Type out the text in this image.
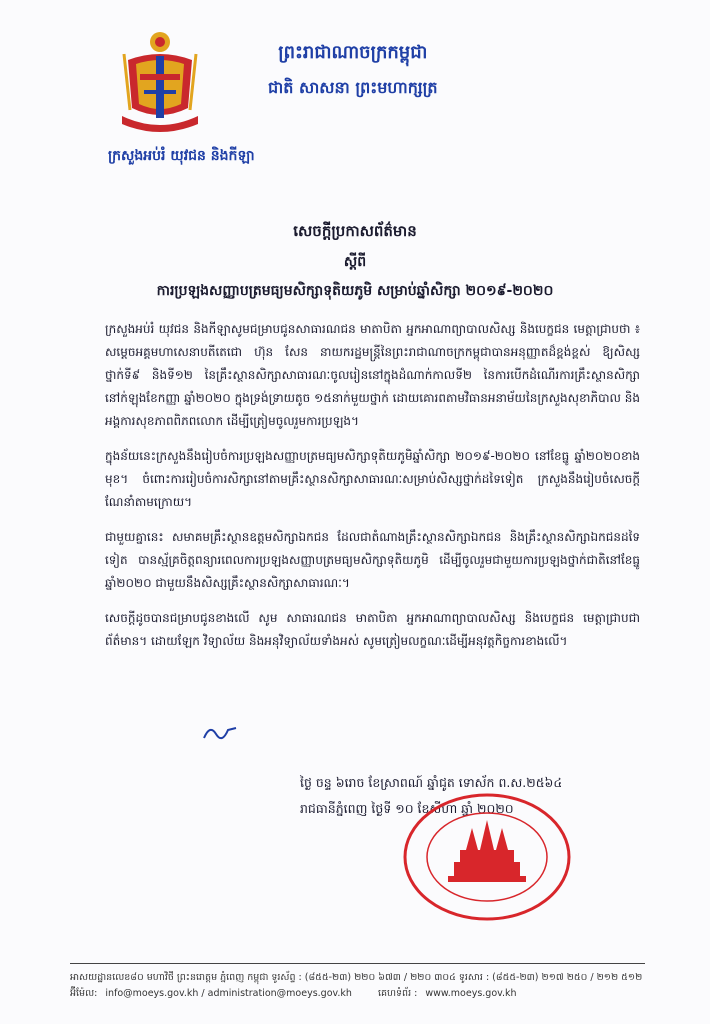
ក្រសួងអប់រំ យុវជន និងកីឡា
ព្រះរាជាណាចក្រកម្ពុជា
ជាតិ សាសនា ព្រះមហាក្សត្រ
សេចក្ដីប្រកាសព័ត៌មាន
ស្ដីពី
ការប្រឡងសញ្ញាបត្រមធ្យមសិក្សាទុតិយភូមិ សម្រាប់ឆ្នាំសិក្សា ២០១៩-២០២០

ក្រសួងអប់រំ យុវជន និងកីឡាសូមជម្រាបជូនសាធារណជន មាតាបិតា អ្នកអាណាព្យាបាលសិស្ស និងបេក្ខជន មេត្តាជ្រាបថា ៖ សម្ដេចអគ្គមហាសេនាបតីតេជោ ហ៊ុន សែន នាយករដ្ឋមន្ត្រីនៃព្រះរាជាណាចក្រកម្ពុជាបានអនុញ្ញាតដ៏ខ្ពង់ខ្ពស់ ឱ្យសិស្សថ្នាក់ទី៩ និងទី១២ នៃគ្រឹះស្ថានសិក្សាសាធារណៈចូលរៀននៅក្នុងដំណាក់កាលទី២ នៃការបើកដំណើរការគ្រឹះស្ថានសិក្សា នៅក់ឡុងខែកញ្ញា ឆ្នាំ២០២០ ក្នុងទ្រង់ទ្រាយតូច ១៥នាក់មួយថ្នាក់ ដោយគោរពតាមវិធានអនាម័យនៃក្រសួងសុខាភិបាល និងអង្គការសុខភាពពិភពលោក ដើម្បីត្រៀមចូលរួមការប្រឡង។

ក្នុងន័យនេះក្រសួងនឹងរៀបចំការប្រឡងសញ្ញាបត្រមធ្យមសិក្សាទុតិយភូមិឆ្នាំសិក្សា ២០១៩-២០២០ នៅខែធ្នូ ឆ្នាំ២០២០ខាងមុខ។ ចំពោះការរៀបចំការសិក្សានៅតាមគ្រឹះស្ថានសិក្សាសាធារណៈសម្រាប់សិស្សថ្នាក់ដទៃទៀត ក្រសួងនឹងរៀបចំសេចក្ដីណែនាំតាមក្រោយ។

ជាមួយគ្នានេះ សមាគមគ្រឹះស្ថានឧត្ដមសិក្សាឯកជន ដែលជាតំណាងគ្រឹះស្ថានសិក្សាឯកជន និងគ្រឹះស្ថានសិក្សាឯកជនដទៃទៀត បានស្ម័គ្រចិត្តពន្យារពេលការប្រឡងសញ្ញាបត្រមធ្យមសិក្សាទុតិយភូមិ ដើម្បីចូលរួមជាមួយការប្រឡងថ្នាក់ជាតិនៅខែធ្នូ ឆ្នាំ២០២០ ជាមួយនឹងសិស្សគ្រឹះស្ថានសិក្សាសាធារណៈ។

សេចក្ដីដូចបានជម្រាបជូនខាងលើ សូម សាធារណជន មាតាបិតា អ្នកអាណាព្យាបាលសិស្ស និងបេក្ខជន មេត្តាជ្រាបជាព័ត៌មាន។ ដោយឡែក វិទ្យាល័យ និងអនុវិទ្យាល័យទាំងអស់ សូមត្រៀមលក្ខណៈដើម្បីអនុវត្តកិច្ចការខាងលើ។

ថ្ងៃ ចន្ទ ៦រោច ខែស្រាពណ៍ ឆ្នាំជូត ទោស័ក ព.ស.២៥៦៤
រាជធានីភ្នំពេញ ថ្ងៃទី ១០ ខែសីហា ឆ្នាំ ២០២០
អាសយដ្ឋានលេខ៨០ មហាវិថី ព្រះនរោត្ដម ភ្នំពេញ កម្ពុជា ទូរស័ព្ទ : (៨៥៥-២៣) ២២០ ៦៧៣ / ២២០ ៣០៤ ទូរសារ : (៨៥៥-២៣) ២១៧ ២៥០ / ២១២ ៥១២
អ៊ីម៉ែល: info@moeys.gov.kh / administration@moeys.gov.kh	គេហទំព័រ : www.moeys.gov.kh
